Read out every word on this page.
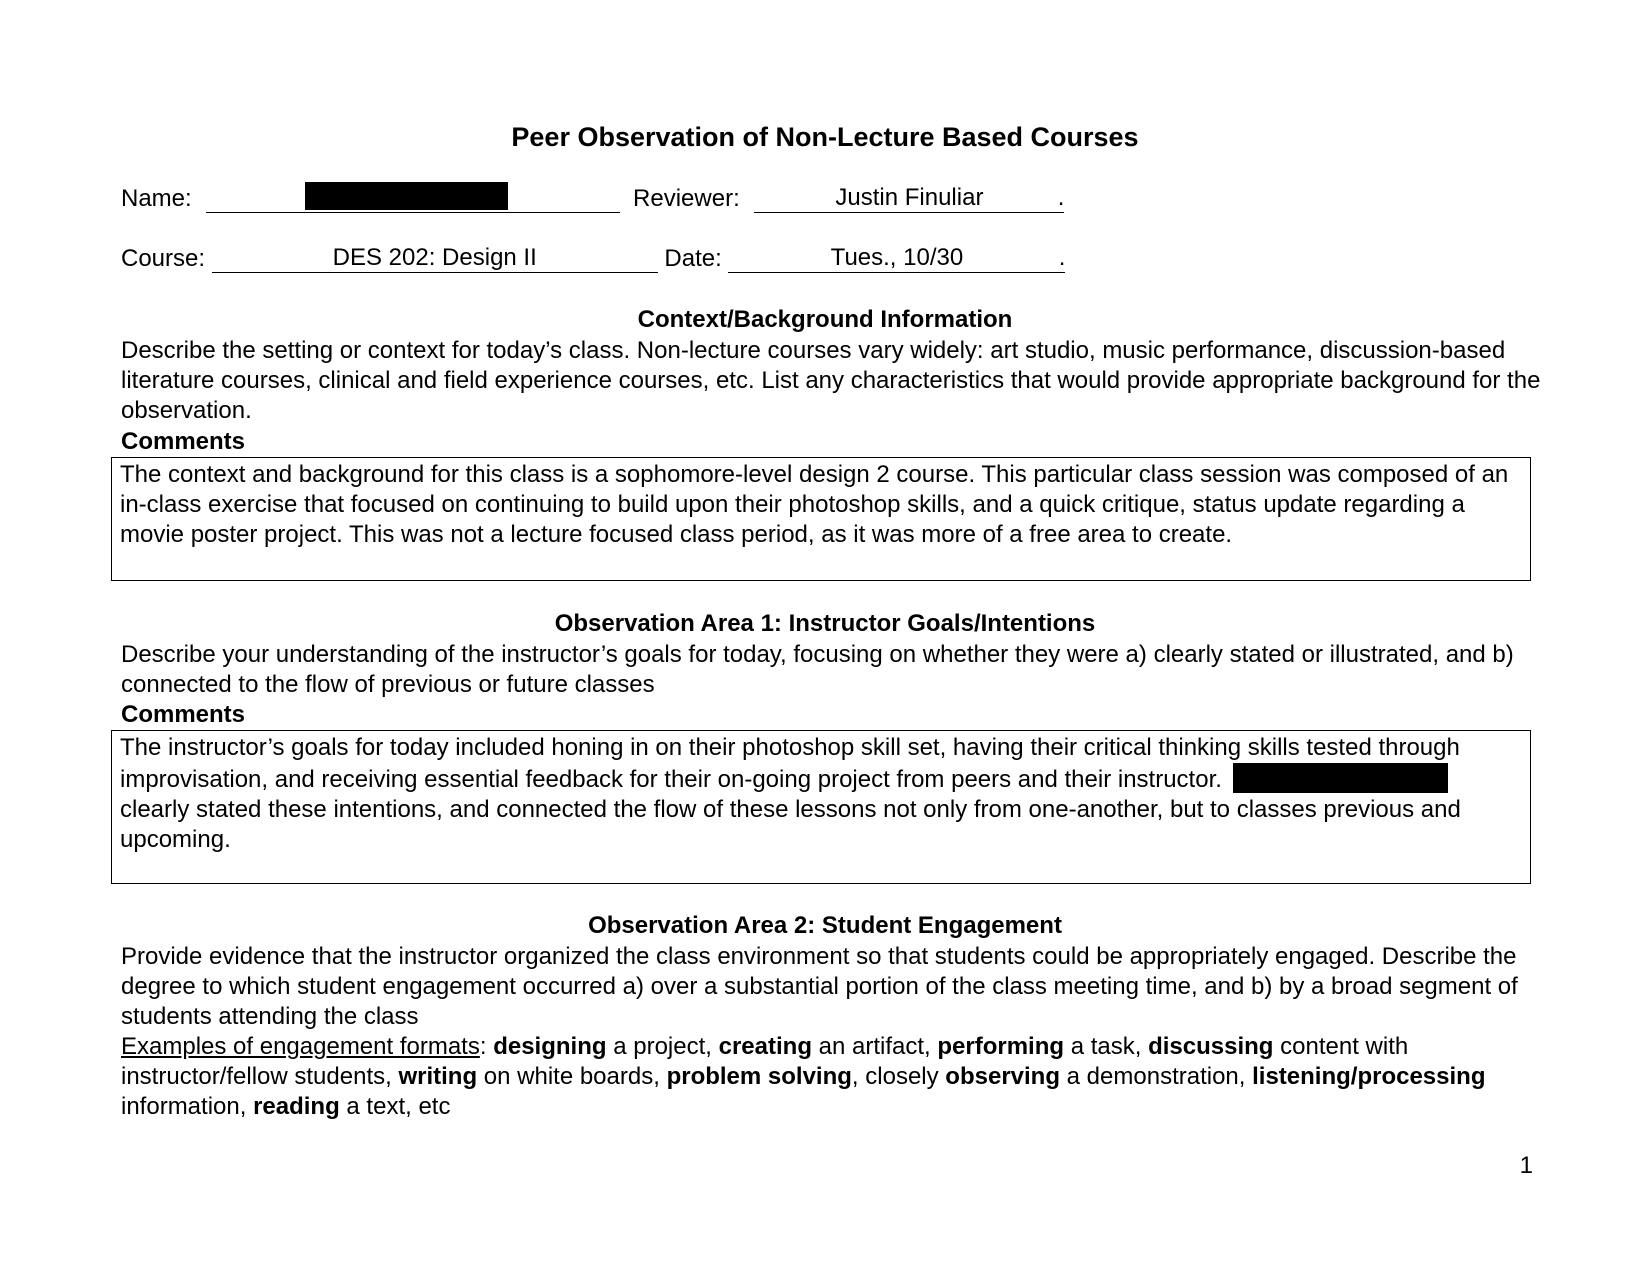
Peer Observation of Non-Lecture Based Courses
Name:	Reviewer:	Justin Finuliar	.
Course:	DES 202: Design II	Date:	Tues., 10/30	.
Context/Background Information
Describe the setting or context for today’s class. Non-lecture courses vary widely: art studio, music performance, discussion-based literature courses, clinical and field experience courses, etc. List any characteristics that would provide appropriate background for the observation.
Comments
The context and background for this class is a sophomore-level design 2 course. This particular class session was composed of an in-class exercise that focused on continuing to build upon their photoshop skills, and a quick critique, status update regarding a movie poster project. This was not a lecture focused class period, as it was more of a free area to create.
Observation Area 1: Instructor Goals/Intentions
Describe your understanding of the instructor’s goals for today, focusing on whether they were a) clearly stated or illustrated, and b) connected to the flow of previous or future classes
Comments
The instructor’s goals for today included honing in on their photoshop skill set, having their critical thinking skills tested through improvisation, and receiving essential feedback for their on-going project from peers and their instructor.  clearly stated these intentions, and connected the flow of these lessons not only from one-another, but to classes previous and upcoming.
Observation Area 2: Student Engagement
Provide evidence that the instructor organized the class environment so that students could be appropriately engaged. Describe the degree to which student engagement occurred a) over a substantial portion of the class meeting time, and b) by a broad segment of students attending the class
Examples of engagement formats: designing a project, creating an artifact, performing a task, discussing content with instructor/fellow students, writing on white boards, problem solving, closely observing a demonstration, listening/processing information, reading a text, etc
1
